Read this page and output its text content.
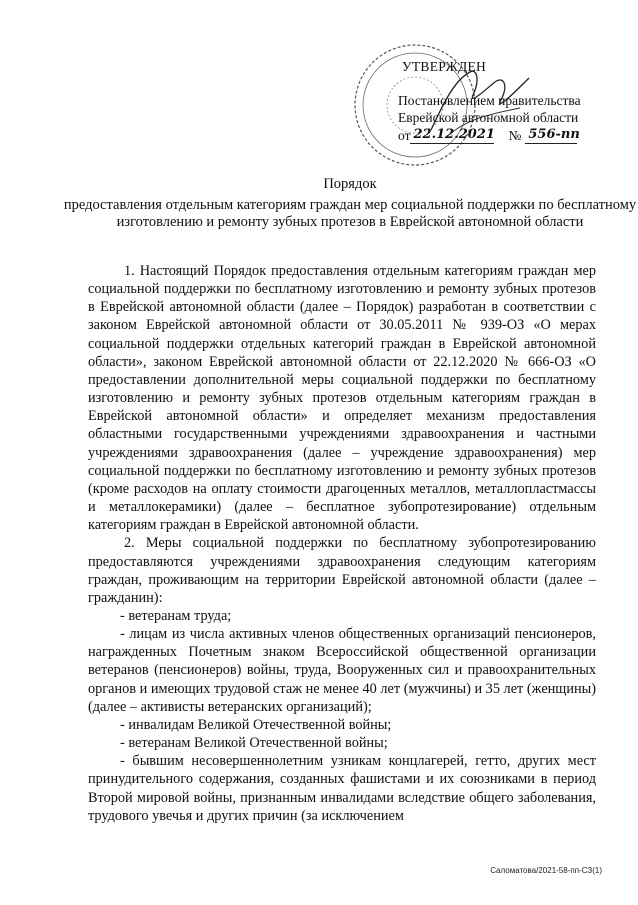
УТВЕРЖДЕН
Постановлением правительства
Еврейской автономной области
от 22.12.2021 № 556-пп
Порядок
предоставления отдельным категориям граждан мер социальной поддержки по бесплатному изготовлению и ремонту зубных протезов в Еврейской автономной области

1. Настоящий Порядок предоставления отдельным категориям граждан мер социальной поддержки по бесплатному изготовлению и ремонту зубных протезов в Еврейской автономной области (далее – Порядок) разработан в соответствии с законом Еврейской автономной области от 30.05.2011 № 939-ОЗ «О мерах социальной поддержки отдельных категорий граждан в Еврейской автономной области», законом Еврейской автономной области от 22.12.2020 № 666-ОЗ «О предоставлении дополнительной меры социальной поддержки по бесплатному изготовлению и ремонту зубных протезов отдельным категориям граждан в Еврейской автономной области» и определяет механизм предоставления областными государственными учреждениями здравоохранения и частными учреждениями здравоохранения (далее – учреждение здравоохранения) мер социальной поддержки по бесплатному изготовлению и ремонту зубных протезов (кроме расходов на оплату стоимости драгоценных металлов, металлопластмассы и металлокерамики) (далее – бесплатное зубопротезирование) отдельным категориям граждан в Еврейской автономной области.

2. Меры социальной поддержки по бесплатному зубопротезированию предоставляются учреждениями здравоохранения следующим категориям граждан, проживающим на территории Еврейской автономной области (далее – гражданин):

- ветеранам труда;

- лицам из числа активных членов общественных организаций пенсионеров, награжденных Почетным знаком Всероссийской общественной организации ветеранов (пенсионеров) войны, труда, Вооруженных сил и правоохранительных органов и имеющих трудовой стаж не менее 40 лет (мужчины) и 35 лет (женщины) (далее – активисты ветеранских организаций);

- инвалидам Великой Отечественной войны;

- ветеранам Великой Отечественной войны;

- бывшим несовершеннолетним узникам концлагерей, гетто, других мест принудительного содержания, созданных фашистами и их союзниками в период Второй мировой войны, признанным инвалидами вследствие общего заболевания, трудового увечья и других причин (за исключением

Саломатова/2021-58-пп-СЗ(1)
